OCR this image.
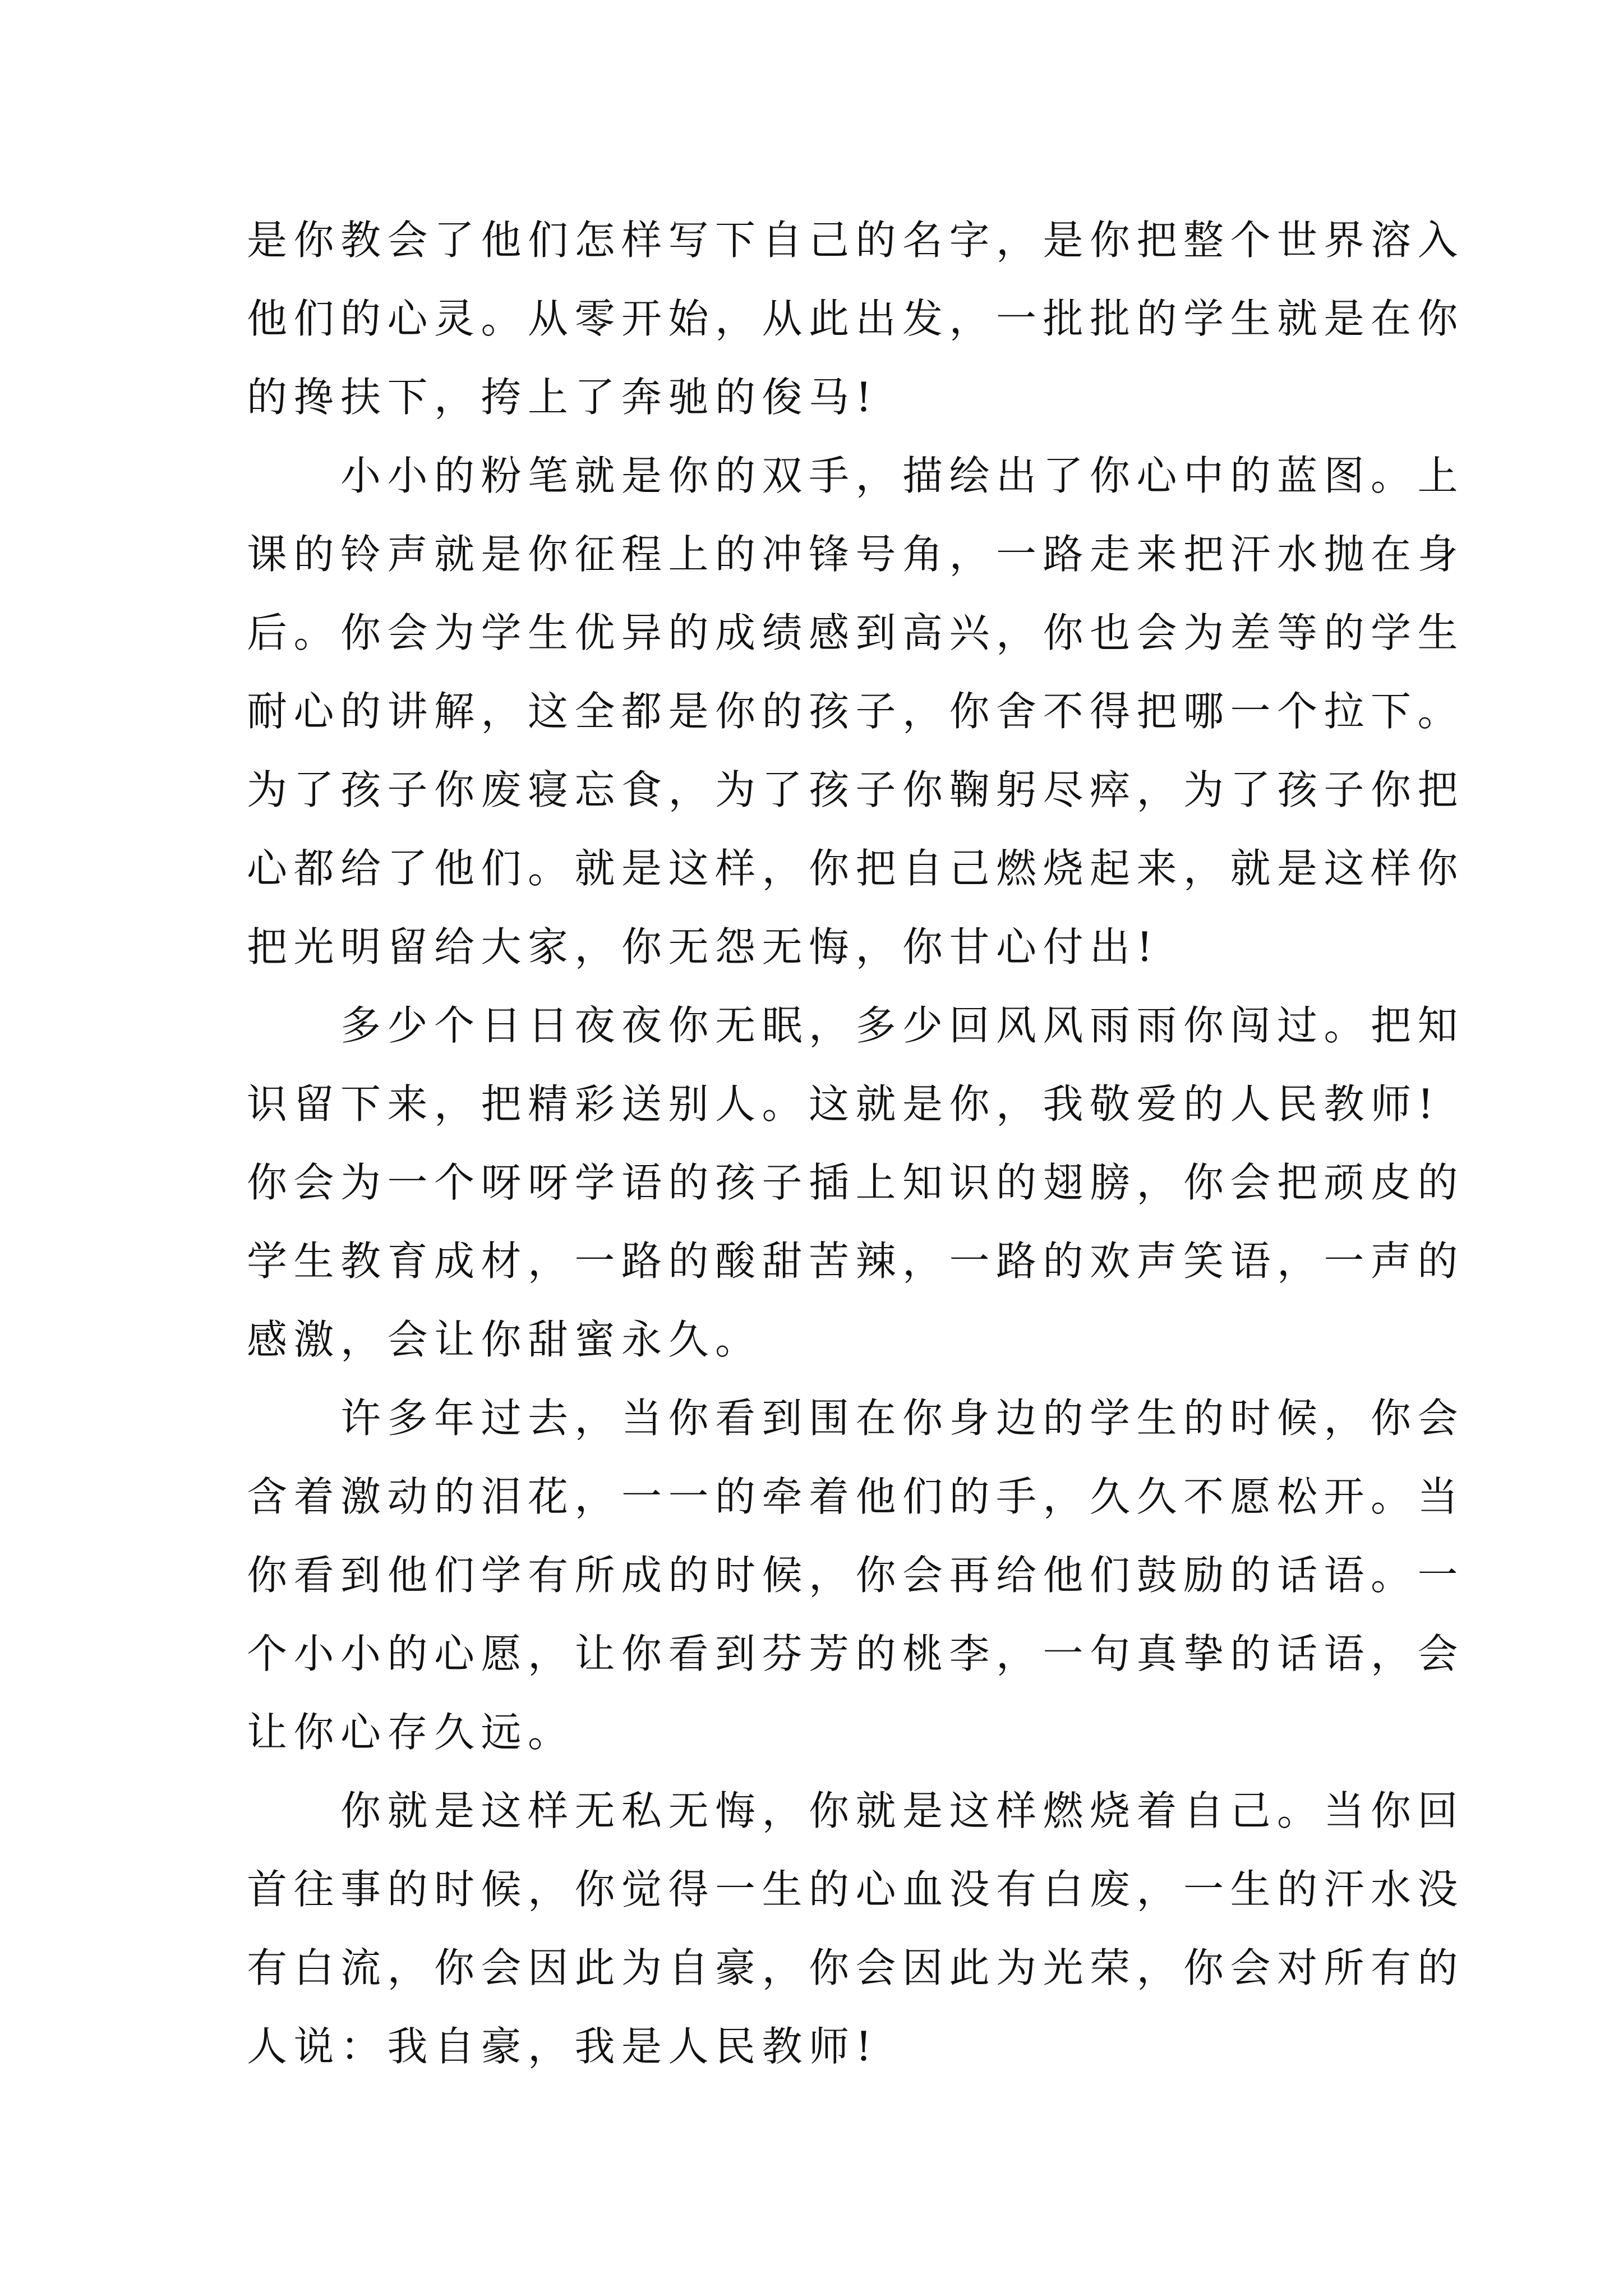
是你教会了他们怎样写下自己的名字，是你把整个世界溶入
他们的心灵。从零开始，从此出发，一批批的学生就是在你
的搀扶下，挎上了奔驰的俊马!
小小的粉笔就是你的双手，描绘出了你心中的蓝图。上
课的铃声就是你征程上的冲锋号角，一路走来把汗水抛在身
后。你会为学生优异的成绩感到高兴，你也会为差等的学生
耐心的讲解，这全都是你的孩子，你舍不得把哪一个拉下。
为了孩子你废寝忘食，为了孩子你鞠躬尽瘁，为了孩子你把
心都给了他们。就是这样，你把自己燃烧起来，就是这样你
把光明留给大家，你无怨无悔，你甘心付出!
多少个日日夜夜你无眠，多少回风风雨雨你闯过。把知
识留下来，把精彩送别人。这就是你，我敬爱的人民教师!
你会为一个呀呀学语的孩子插上知识的翅膀，你会把顽皮的
学生教育成材，一路的酸甜苦辣，一路的欢声笑语，一声的
感激，会让你甜蜜永久。
许多年过去，当你看到围在你身边的学生的时候，你会
含着激动的泪花，一一的牵着他们的手，久久不愿松开。当
你看到他们学有所成的时候，你会再给他们鼓励的话语。一
个小小的心愿，让你看到芬芳的桃李，一句真挚的话语，会
让你心存久远。
你就是这样无私无悔，你就是这样燃烧着自己。当你回
首往事的时候，你觉得一生的心血没有白废，一生的汗水没
有白流，你会因此为自豪，你会因此为光荣，你会对所有的
人说：我自豪，我是人民教师!
